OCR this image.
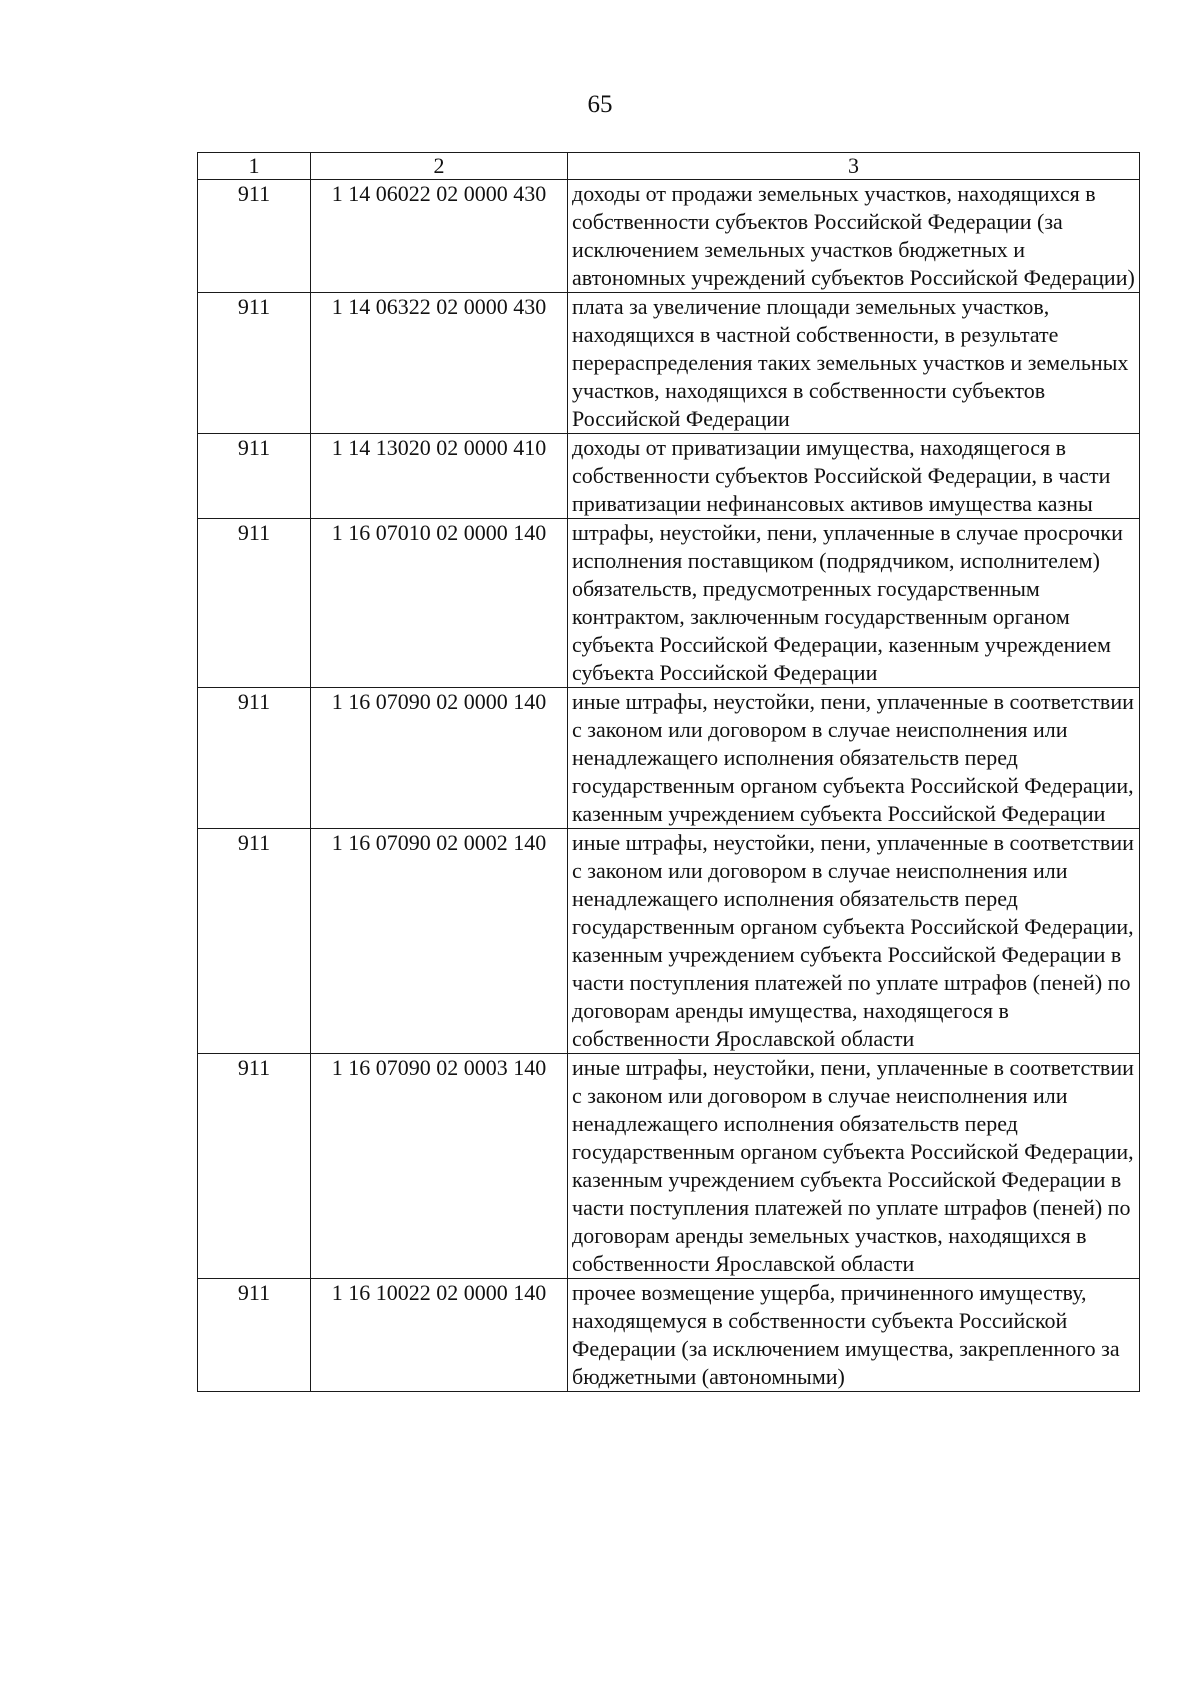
65
1	2	3
911	1 14 06022 02 0000 430	доходы от продажи земельных участков, находящихся в собственности субъектов Российской Федерации (за исключением земельных участков бюджетных и автономных учреждений субъектов Российской Федерации)
911	1 14 06322 02 0000 430	плата за увеличение площади земельных участков, находящихся в частной собственности, в результате перераспределения таких земельных участков и земельных участков, находящихся в собственности субъектов Российской Федерации
911	1 14 13020 02 0000 410	доходы от приватизации имущества, находящегося в собственности субъектов Российской Федерации, в части приватизации нефинансовых активов имущества казны
911	1 16 07010 02 0000 140	штрафы, неустойки, пени, уплаченные в случае просрочки исполнения поставщиком (подрядчиком, исполнителем) обязательств, предусмотренных государственным контрактом, заключенным государственным органом субъекта Российской Федерации, казенным учреждением субъекта Российской Федерации
911	1 16 07090 02 0000 140	иные штрафы, неустойки, пени, уплаченные в соответствии с законом или договором в случае неисполнения или ненадлежащего исполнения обязательств перед государственным органом субъекта Российской Федерации, казенным учреждением субъекта Российской Федерации
911	1 16 07090 02 0002 140	иные штрафы, неустойки, пени, уплаченные в соответствии с законом или договором в случае неисполнения или ненадлежащего исполнения обязательств перед государственным органом субъекта Российской Федерации, казенным учреждением субъекта Российской Федерации в части поступления платежей по уплате штрафов (пеней) по договорам аренды имущества, находящегося в собственности Ярославской области
911	1 16 07090 02 0003 140	иные штрафы, неустойки, пени, уплаченные в соответствии с законом или договором в случае неисполнения или ненадлежащего исполнения обязательств перед государственным органом субъекта Российской Федерации, казенным учреждением субъекта Российской Федерации в части поступления платежей по уплате штрафов (пеней) по договорам аренды земельных участков, находящихся в собственности Ярославской области
911	1 16 10022 02 0000 140	прочее возмещение ущерба, причиненного имуществу, находящемуся в собственности субъекта Российской Федерации (за исключением имущества, закрепленного за бюджетными (автономными)
